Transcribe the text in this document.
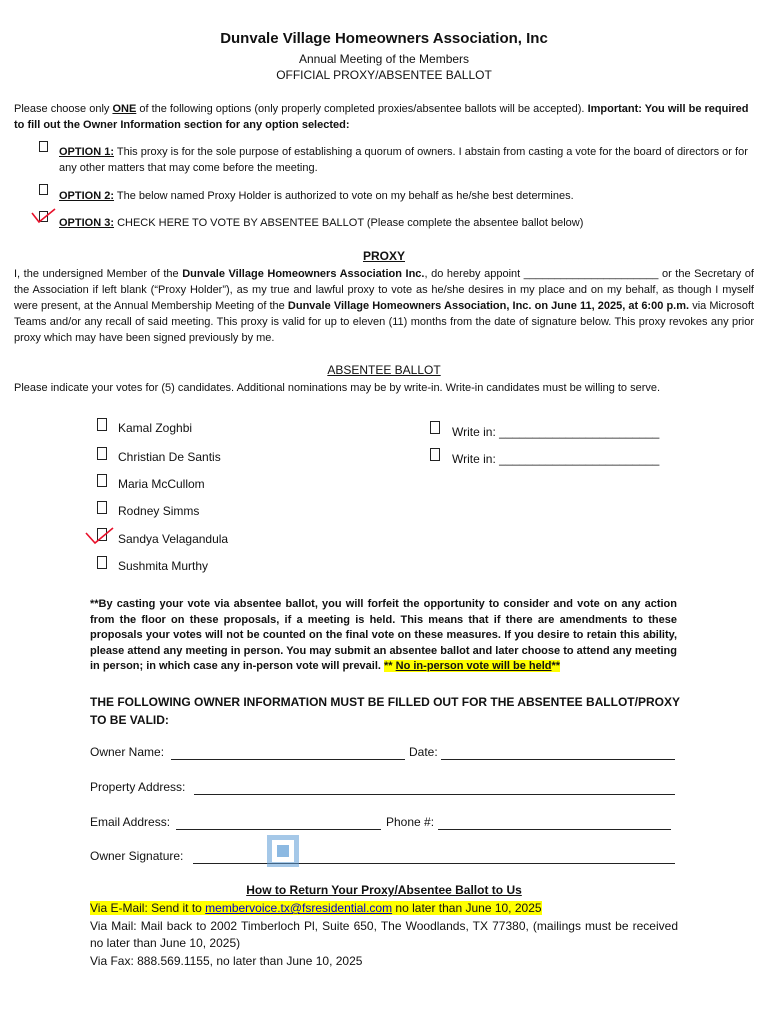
Dunvale Village Homeowners Association, Inc
Annual Meeting of the Members
OFFICIAL PROXY/ABSENTEE BALLOT
Please choose only ONE of the following options (only properly completed proxies/absentee ballots will be accepted). Important: You will be required to fill out the Owner Information section for any option selected:
OPTION 1: This proxy is for the sole purpose of establishing a quorum of owners. I abstain from casting a vote for the board of directors or for any other matters that may come before the meeting.
OPTION 2: The below named Proxy Holder is authorized to vote on my behalf as he/she best determines.
OPTION 3: CHECK HERE TO VOTE BY ABSENTEE BALLOT (Please complete the absentee ballot below)
PROXY
I, the undersigned Member of the Dunvale Village Homeowners Association Inc., do hereby appoint ______________________ or the Secretary of the Association if left blank (“Proxy Holder”), as my true and lawful proxy to vote as he/she desires in my place and on my behalf, as though I myself were present, at the Annual Membership Meeting of the Dunvale Village Homeowners Association, Inc. on June 11, 2025, at 6:00 p.m. via Microsoft Teams and/or any recall of said meeting. This proxy is valid for up to eleven (11) months from the date of signature below. This proxy revokes any prior proxy which may have been signed previously by me.
ABSENTEE BALLOT
Please indicate your votes for (5) candidates. Additional nominations may be by write-in. Write-in candidates must be willing to serve.
Kamal Zoghbi
Christian De Santis
Maria McCullom
Rodney Simms
Sandya Velagandula
Sushmita Murthy
Write in: ________________________
Write in: ________________________
**By casting your vote via absentee ballot, you will forfeit the opportunity to consider and vote on any action from the floor on these proposals, if a meeting is held. This means that if there are amendments to these proposals your votes will not be counted on the final vote on these measures. If you desire to retain this ability, please attend any meeting in person. You may submit an absentee ballot and later choose to attend any meeting in person; in which case any in-person vote will prevail. ** No in-person vote will be held**
THE FOLLOWING OWNER INFORMATION MUST BE FILLED OUT FOR THE ABSENTEE BALLOT/PROXY TO BE VALID:
Owner Name:	Date:
Property Address:
Email Address:	Phone #:
Owner Signature:
How to Return Your Proxy/Absentee Ballot to Us
Via E-Mail: Send it to membervoice.tx@fsresidential.com no later than June 10, 2025
Via Mail: Mail back to 2002 Timberloch Pl, Suite 650, The Woodlands, TX 77380, (mailings must be received no later than June 10, 2025)
Via Fax: 888.569.1155, no later than June 10, 2025
